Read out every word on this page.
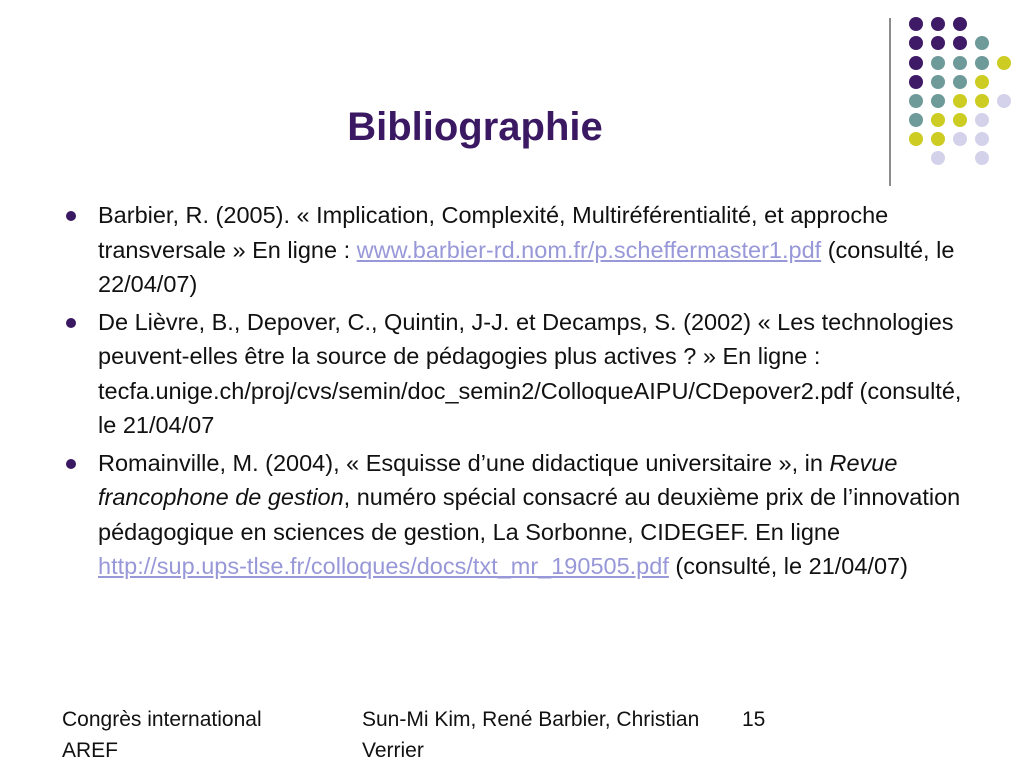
Bibliographie
Barbier, R. (2005). « Implication, Complexité, Multiréférentialité, et approche transversale » En ligne : www.barbier-rd.nom.fr/p.scheffermaster1.pdf (consulté, le 22/04/07)
De Lièvre, B., Depover, C., Quintin, J-J. et Decamps, S. (2002) « Les technologies peuvent-elles être la source de pédagogies plus actives ? » En ligne : tecfa.unige.ch/proj/cvs/semin/doc_semin2/ColloqueAIPU/CDepover2.pdf (consulté, le 21/04/07
Romainville, M. (2004), « Esquisse d’une didactique universitaire », in Revue francophone de gestion, numéro spécial consacré au deuxième prix de l’innovation pédagogique en sciences de gestion, La Sorbonne, CIDEGEF. En ligne http://sup.ups-tlse.fr/colloques/docs/txt_mr_190505.pdf (consulté, le 21/04/07)
Congrès international AREF
Sun-Mi Kim, René Barbier, Christian Verrier
15
